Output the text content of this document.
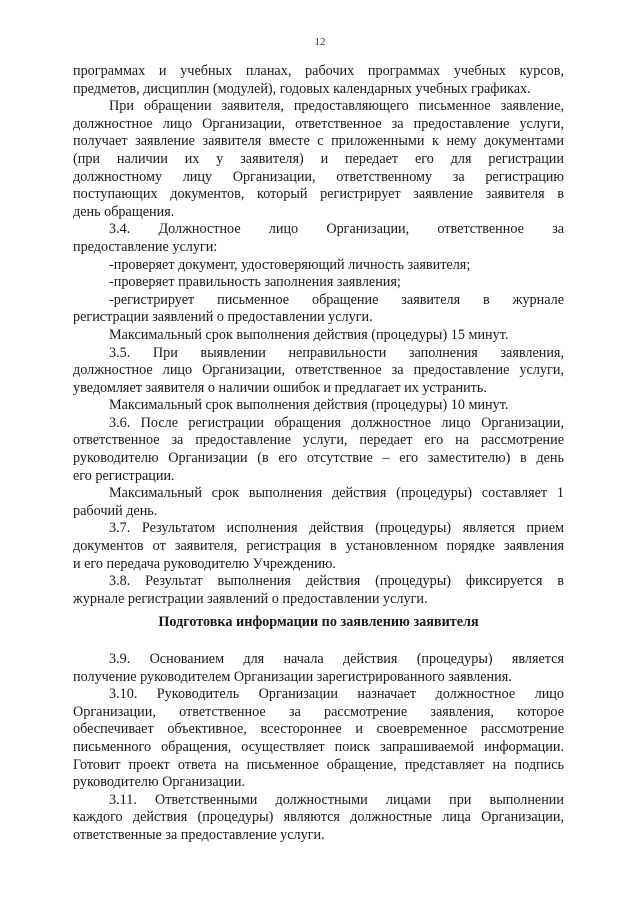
12
программах и учебных планах, рабочих программах учебных курсов,
предметов, дисциплин (модулей), годовых календарных учебных графиках.
При обращении заявителя, предоставляющего письменное заявление,
должностное лицо Организации, ответственное за предоставление услуги,
получает заявление заявителя вместе с приложенными к нему документами
(при наличии их у заявителя) и передает его для регистрации
должностному лицу Организации, ответственному за регистрацию
поступающих документов, который регистрирует заявление заявителя в
день обращения.
3.4. Должностное лицо Организации, ответственное за
предоставление услуги:
-проверяет документ, удостоверяющий личность заявителя;
-проверяет правильность заполнения заявления;
-регистрирует письменное обращение заявителя в журнале
регистрации заявлений о предоставлении услуги.
Максимальный срок выполнения действия (процедуры) 15 минут.
3.5. При выявлении неправильности заполнения заявления,
должностное лицо Организации, ответственное за предоставление услуги,
уведомляет заявителя о наличии ошибок и предлагает их устранить.
Максимальный срок выполнения действия (процедуры) 10 минут.
3.6. После регистрации обращения должностное лицо Организации,
ответственное за предоставление услуги, передает его на рассмотрение
руководителю Организации (в его отсутствие – его заместителю) в день
его регистрации.
Максимальный срок выполнения действия (процедуры) составляет 1
рабочий день.
3.7. Результатом исполнения действия (процедуры) является прием
документов от заявителя, регистрация в установленном порядке заявления
и его передача руководителю Учреждению.
3.8. Результат выполнения действия (процедуры) фиксируется в
журнале регистрации заявлений о предоставлении услуги.
Подготовка информации по заявлению заявителя
3.9. Основанием для начала действия (процедуры) является
получение руководителем Организации зарегистрированного заявления.
3.10. Руководитель Организации назначает должностное лицо
Организации, ответственное за рассмотрение заявления, которое
обеспечивает объективное, всестороннее и своевременное рассмотрение
письменного обращения, осуществляет поиск запрашиваемой информации.
Готовит проект ответа на письменное обращение, представляет на подпись
руководителю Организации.
3.11. Ответственными должностными лицами при выполнении
каждого действия (процедуры) являются должностные лица Организации,
ответственные за предоставление услуги.
